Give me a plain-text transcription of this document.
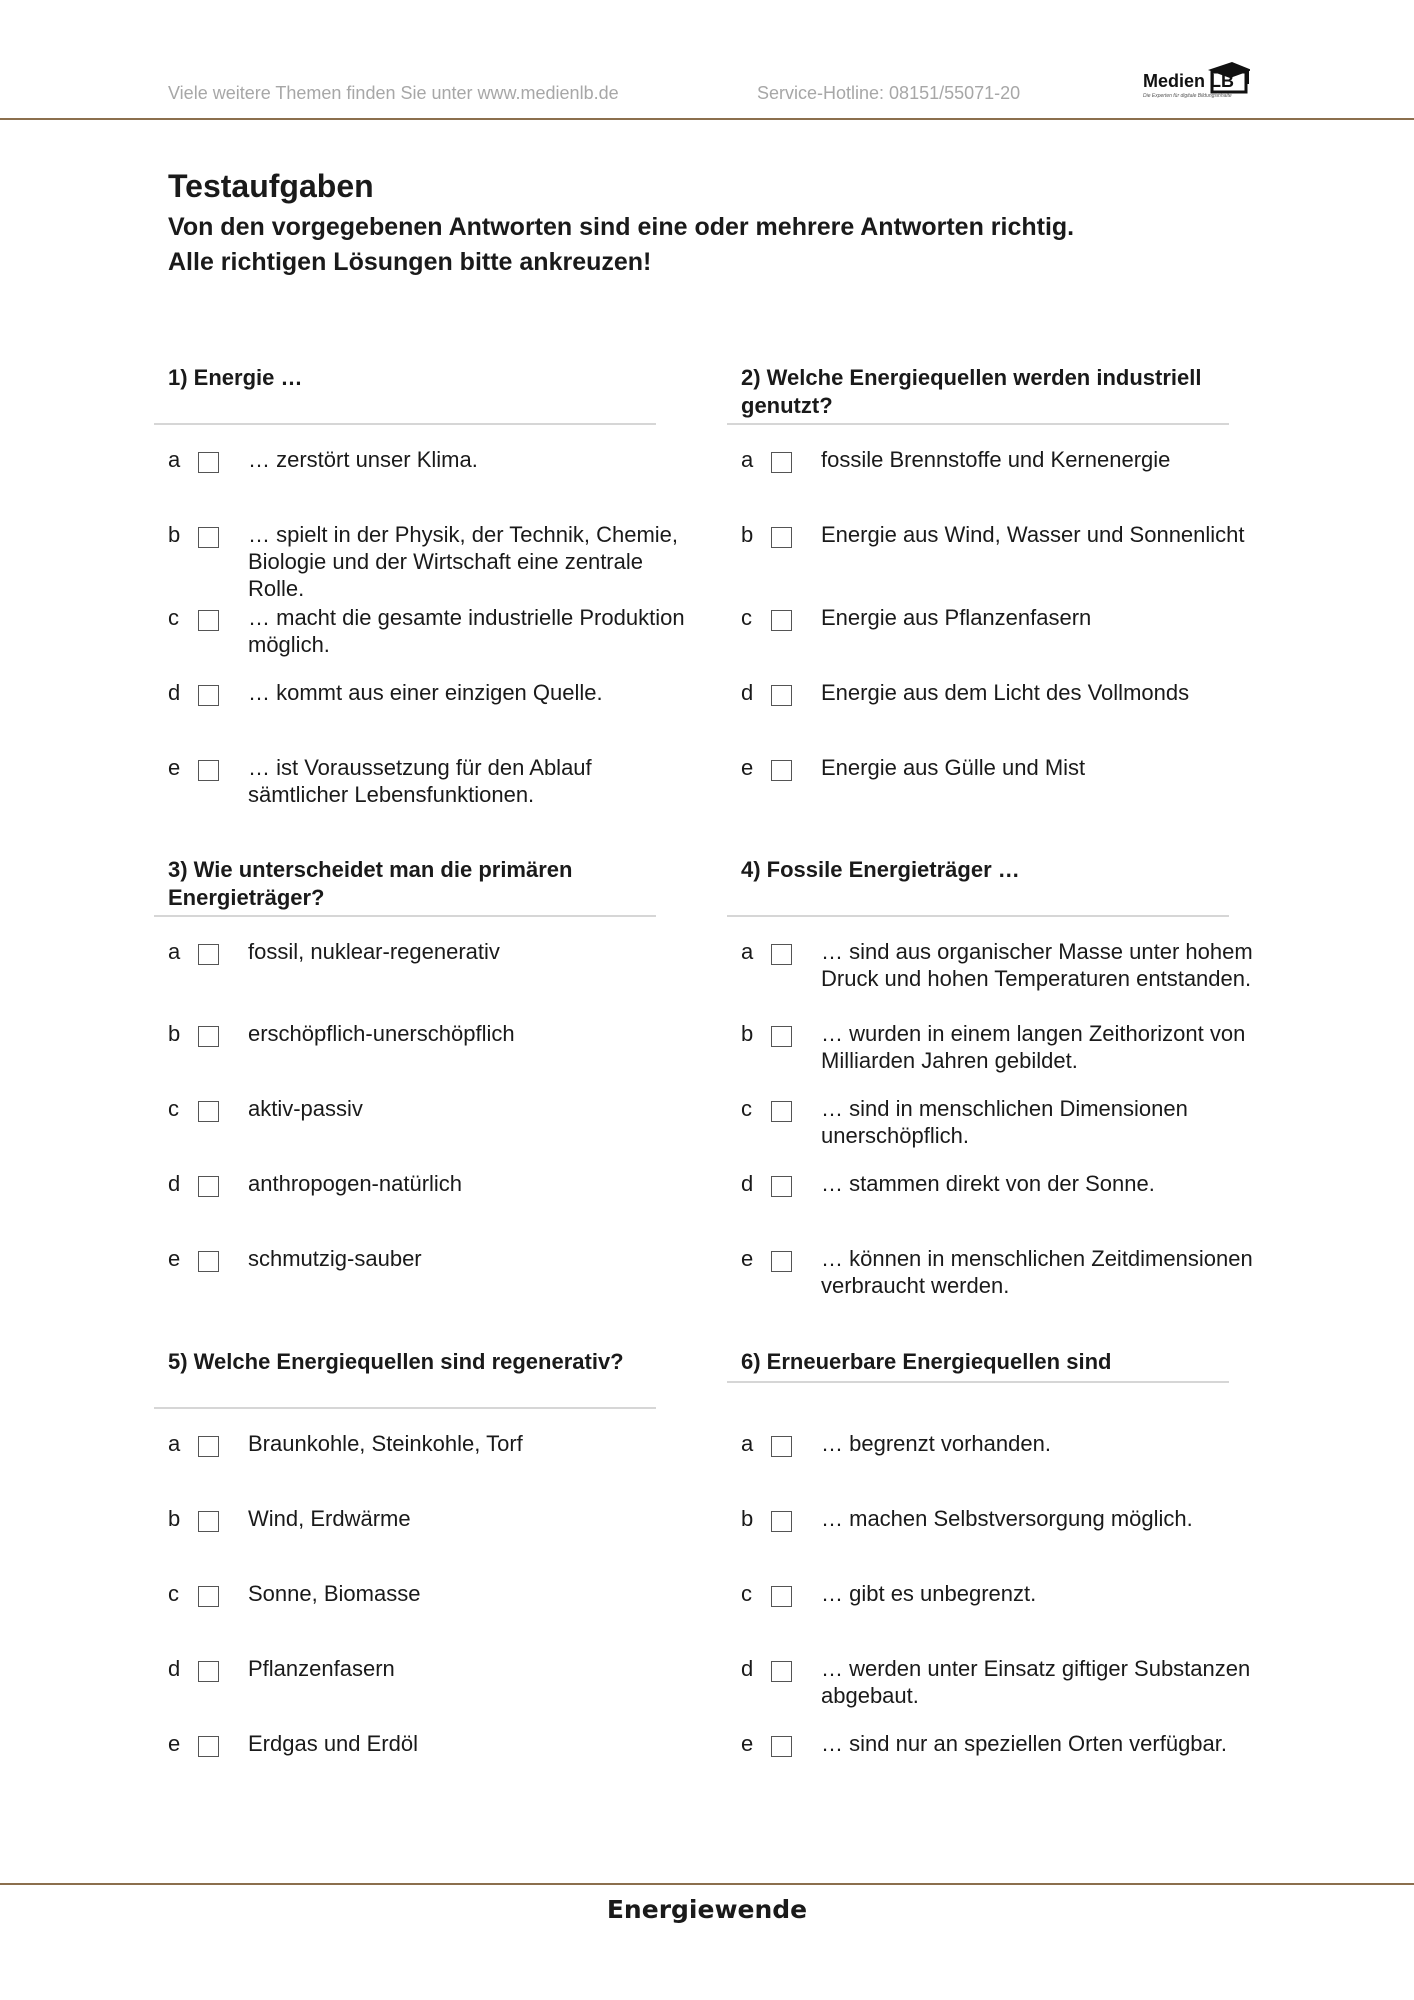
Viele weitere Themen finden Sie unter www.medienlb.de	Service-Hotline: 08151/55071-20
Medien LB
Die Experten für digitale Bildungsinhalte
Testaufgaben
Von den vorgegebenen Antworten sind eine oder mehrere Antworten richtig.
Alle richtigen Lösungen bitte ankreuzen!
1) Energie …
a	… zerstört unser Klima.
b	… spielt in der Physik, der Technik, Chemie, Biologie und der Wirtschaft eine zentrale Rolle.
c	… macht die gesamte industrielle Produktion möglich.
d	… kommt aus einer einzigen Quelle.
e	… ist Voraussetzung für den Ablauf sämtlicher Lebensfunktionen.
2) Welche Energiequellen werden industriell genutzt?
a	fossile Brennstoffe und Kernenergie
b	Energie aus Wind, Wasser und Sonnenlicht
c	Energie aus Pflanzenfasern
d	Energie aus dem Licht des Vollmonds
e	Energie aus Gülle und Mist
3) Wie unterscheidet man die primären Energieträger?
a	fossil, nuklear-regenerativ
b	erschöpflich-unerschöpflich
c	aktiv-passiv
d	anthropogen-natürlich
e	schmutzig-sauber
4) Fossile Energieträger …
a	… sind aus organischer Masse unter hohem Druck und hohen Temperaturen entstanden.
b	… wurden in einem langen Zeithorizont von Milliarden Jahren gebildet.
c	… sind in menschlichen Dimensionen unerschöpflich.
d	… stammen direkt von der Sonne.
e	… können in menschlichen Zeitdimensionen verbraucht werden.
5) Welche Energiequellen sind regenerativ?
a	Braunkohle, Steinkohle, Torf
b	Wind, Erdwärme
c	Sonne, Biomasse
d	Pflanzenfasern
e	Erdgas und Erdöl
6) Erneuerbare Energiequellen sind
a	… begrenzt vorhanden.
b	… machen Selbstversorgung möglich.
c	… gibt es unbegrenzt.
d	… werden unter Einsatz giftiger Substanzen abgebaut.
e	… sind nur an speziellen Orten verfügbar.
Energiewende
